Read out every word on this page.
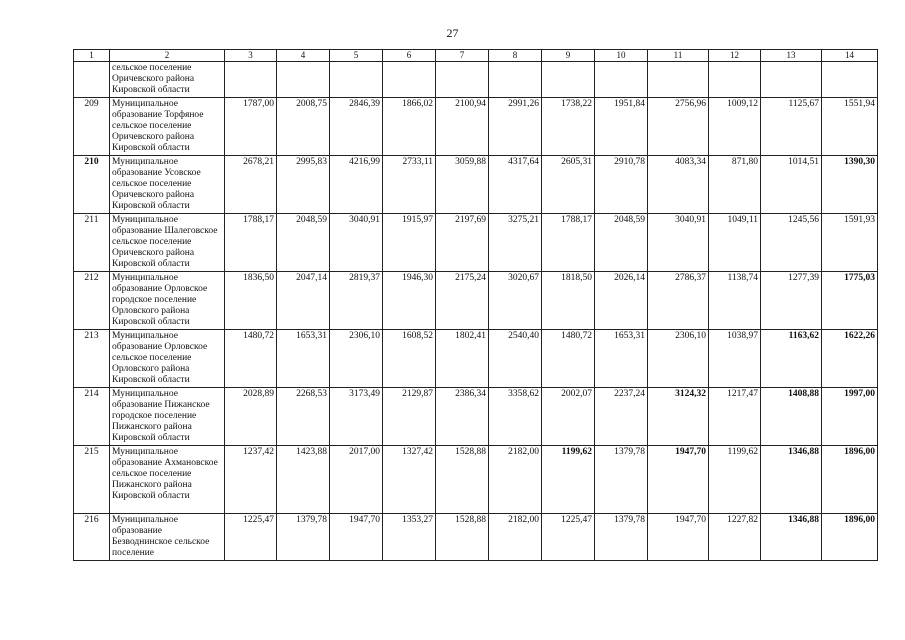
27
1	2	3	4	5	6	7	8	9	10	11	12	13	14
	сельское поселение Оричевского района Кировской области												
209	Муниципальное образование Торфяное сельское поселение Оричевского района Кировской области	1787,00	2008,75	2846,39	1866,02	2100,94	2991,26	1738,22	1951,84	2756,96	1009,12	1125,67	1551,94
210	Муниципальное образование Усовское сельское поселение Оричевского района Кировской области	2678,21	2995,83	4216,99	2733,11	3059,88	4317,64	2605,31	2910,78	4083,34	871,80	1014,51	1390,30
211	Муниципальное образование Шалеговское сельское поселение Оричевского района Кировской области	1788,17	2048,59	3040,91	1915,97	2197,69	3275,21	1788,17	2048,59	3040,91	1049,11	1245,56	1591,93
212	Муниципальное образование Орловское городское поселение Орловского района Кировской области	1836,50	2047,14	2819,37	1946,30	2175,24	3020,67	1818,50	2026,14	2786,37	1138,74	1277,39	1775,03
213	Муниципальное образование Орловское сельское поселение Орловского района Кировской области	1480,72	1653,31	2306,10	1608,52	1802,41	2540,40	1480,72	1653,31	2306,10	1038,97	1163,62	1622,26
214	Муниципальное образование Пижанское городское поселение Пижанского района Кировской области	2028,89	2268,53	3173,49	2129,87	2386,34	3358,62	2002,07	2237,24	3124,32	1217,47	1408,88	1997,00
215	Муниципальное образование Ахмановское сельское поселение Пижанского района Кировской области	1237,42	1423,88	2017,00	1327,42	1528,88	2182,00	1199,62	1379,78	1947,70	1199,62	1346,88	1896,00
216	Муниципальное образование Безводнинское сельское поселение	1225,47	1379,78	1947,70	1353,27	1528,88	2182,00	1225,47	1379,78	1947,70	1227,82	1346,88	1896,00
